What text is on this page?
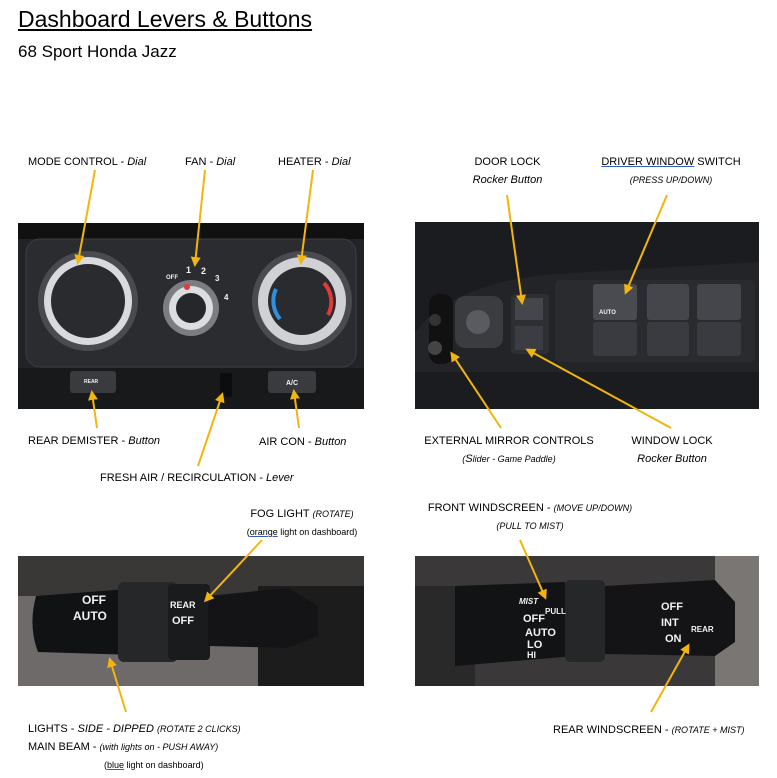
Dashboard Levers & Buttons
68 Sport Honda Jazz
OFF
1 2
3
4
REAR	A/C
AUTO
OFF
AUTO
REAR
OFF
MIST
PULL
OFF
AUTO
LO
HI
OFF
INT
ON
REAR
MODE CONTROL - Dial	FAN - Dial	HEATER - Dial
REAR DEMISTER - Button	AIR CON - Button
FRESH AIR / RECIRCULATION - Lever
DOOR LOCK
Rocker Button
DRIVER WINDOW SWITCH
(PRESS UP/DOWN)
EXTERNAL MIRROR CONTROLS
(Slider - Game Paddle)
WINDOW LOCK
Rocker Button
FOG LIGHT (ROTATE)
(orange light on dashboard)
LIGHTS - SIDE - DIPPED (ROTATE 2 CLICKS)
MAIN BEAM - (with lights on - PUSH AWAY)
(blue light on dashboard)
FRONT WINDSCREEN - (MOVE UP/DOWN)
(PULL TO MIST)
REAR WINDSCREEN - (ROTATE + MIST)
